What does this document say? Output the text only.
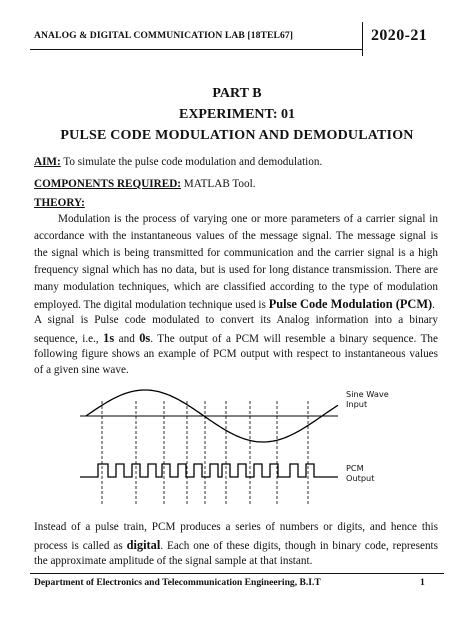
ANALOG & DIGITAL COMMUNICATION LAB [18TEL67]	2020-21
PART B
EXPERIMENT: 01
PULSE CODE MODULATION AND DEMODULATION
AIM: To simulate the pulse code modulation and demodulation.
COMPONENTS REQUIRED: MATLAB Tool.
THEORY:
Modulation is the process of varying one or more parameters of a carrier signal in
accordance with the instantaneous values of the message signal. The message signal is
the signal which is being transmitted for communication and the carrier signal is a high
frequency signal which has no data, but is used for long distance transmission. There are
many modulation techniques, which are classified according to the type of modulation
employed. The digital modulation technique used is Pulse Code Modulation (PCM).
A signal is Pulse code modulated to convert its Analog information into a binary
sequence, i.e., 1s and 0s. The output of a PCM will resemble a binary sequence. The
following figure shows an example of PCM output with respect to instantaneous values
of a given sine wave.
Sine Wave
Input
PCM
Output
Instead of a pulse train, PCM produces a series of numbers or digits, and hence this
process is called as digital. Each one of these digits, though in binary code, represents
the approximate amplitude of the signal sample at that instant.
Department of Electronics and Telecommunication Engineering, B.I.T	1
